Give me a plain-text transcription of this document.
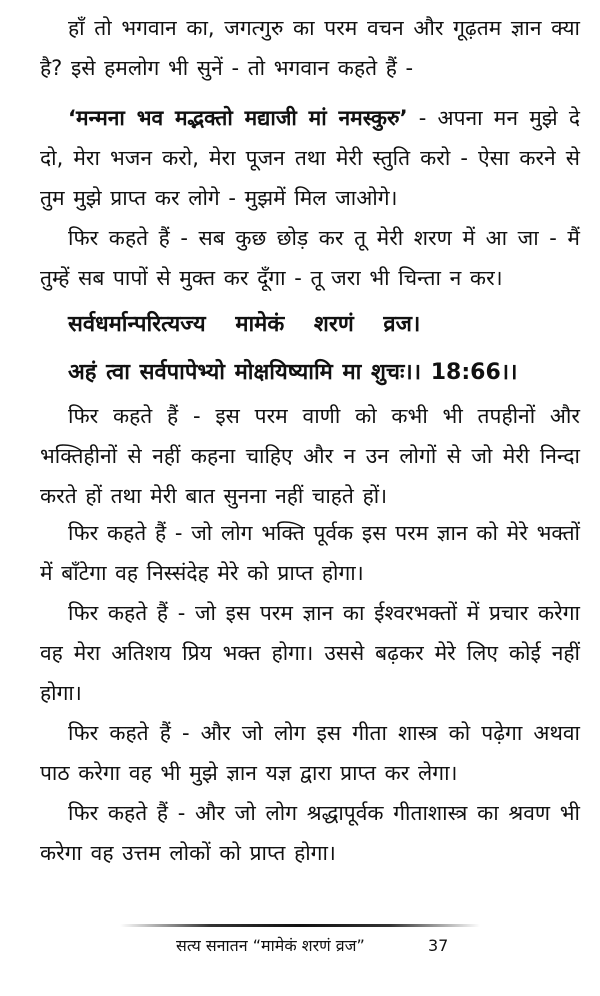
हाँ तो भगवान का, जगत्गुरु का परम वचन और गूढ़तम ज्ञान क्या है? इसे हमलोग भी सुनें - तो भगवान कहते हैं -

‘मन्मना भव मद्भक्तो मद्याजी मां नमस्कुरु’ - अपना मन मुझे दे दो, मेरा भजन करो, मेरा पूजन तथा मेरी स्तुति करो - ऐसा करने से तुम मुझे प्राप्त कर लोगे - मुझमें मिल जाओगे।

फिर कहते हैं - सब कुछ छोड़ कर तू मेरी शरण में आ जा - मैं तुम्हें सब पापों से मुक्त कर दूँगा - तू जरा भी चिन्ता न कर।

सर्वधर्मान्परित्यज्य मामेकं शरणं व्रज।

अहं त्वा सर्वपापेभ्यो मोक्षयिष्यामि मा शुचः।। 18:66।।

फिर कहते हैं - इस परम वाणी को कभी भी तपहीनों और भक्तिहीनों से नहीं कहना चाहिए और न उन लोगों से जो मेरी निन्दा करते हों तथा मेरी बात सुनना नहीं चाहते हों।

फिर कहते हैं - जो लोग भक्ति पूर्वक इस परम ज्ञान को मेरे भक्तों में बाँटेगा वह निस्संदेह मेरे को प्राप्त होगा।

फिर कहते हैं - जो इस परम ज्ञान का ईश्वरभक्तों में प्रचार करेगा वह मेरा अतिशय प्रिय भक्त होगा। उससे बढ़कर मेरे लिए कोई नहीं होगा।

फिर कहते हैं - और जो लोग इस गीता शास्त्र को पढ़ेगा अथवा पाठ करेगा वह भी मुझे ज्ञान यज्ञ द्वारा प्राप्त कर लेगा।

फिर कहते हैं - और जो लोग श्रद्धापूर्वक गीताशास्त्र का श्रवण भी करेगा वह उत्तम लोकों को प्राप्त होगा।

सत्य सनातन “मामेकं शरणं व्रज”	37
